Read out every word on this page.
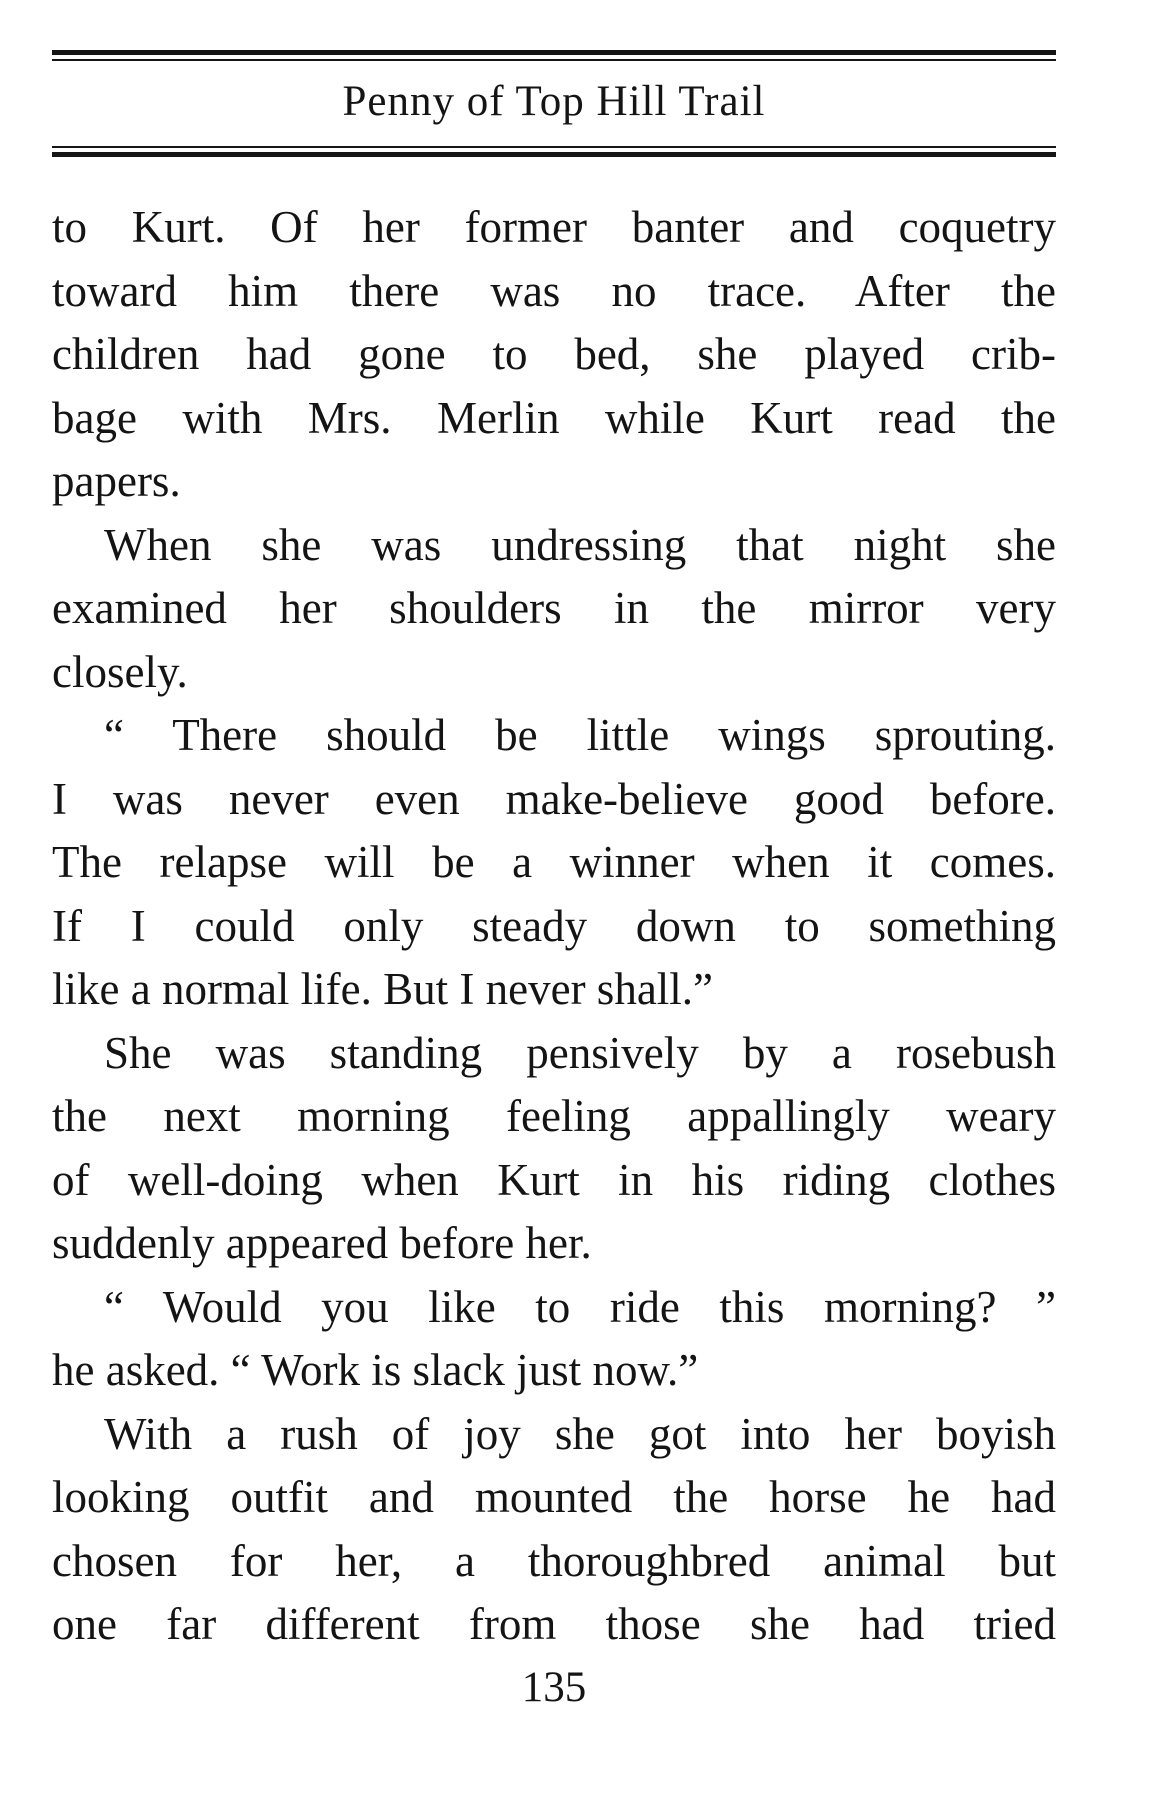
Penny of Top Hill Trail
to Kurt. Of her former banter and coquetry
toward him there was no trace. After the
children had gone to bed, she played crib-
bage with Mrs. Merlin while Kurt read the
papers.
When she was undressing that night she
examined her shoulders in the mirror very
closely.
“ There should be little wings sprouting.
I was never even make-believe good before.
The relapse will be a winner when it comes.
If I could only steady down to something
like a normal life. But I never shall.”
She was standing pensively by a rosebush
the next morning feeling appallingly weary
of well-doing when Kurt in his riding clothes
suddenly appeared before her.
“ Would you like to ride this morning? ”
he asked. “ Work is slack just now.”
With a rush of joy she got into her boyish
looking outfit and mounted the horse he had
chosen for her, a thoroughbred animal but
one far different from those she had tried
135
